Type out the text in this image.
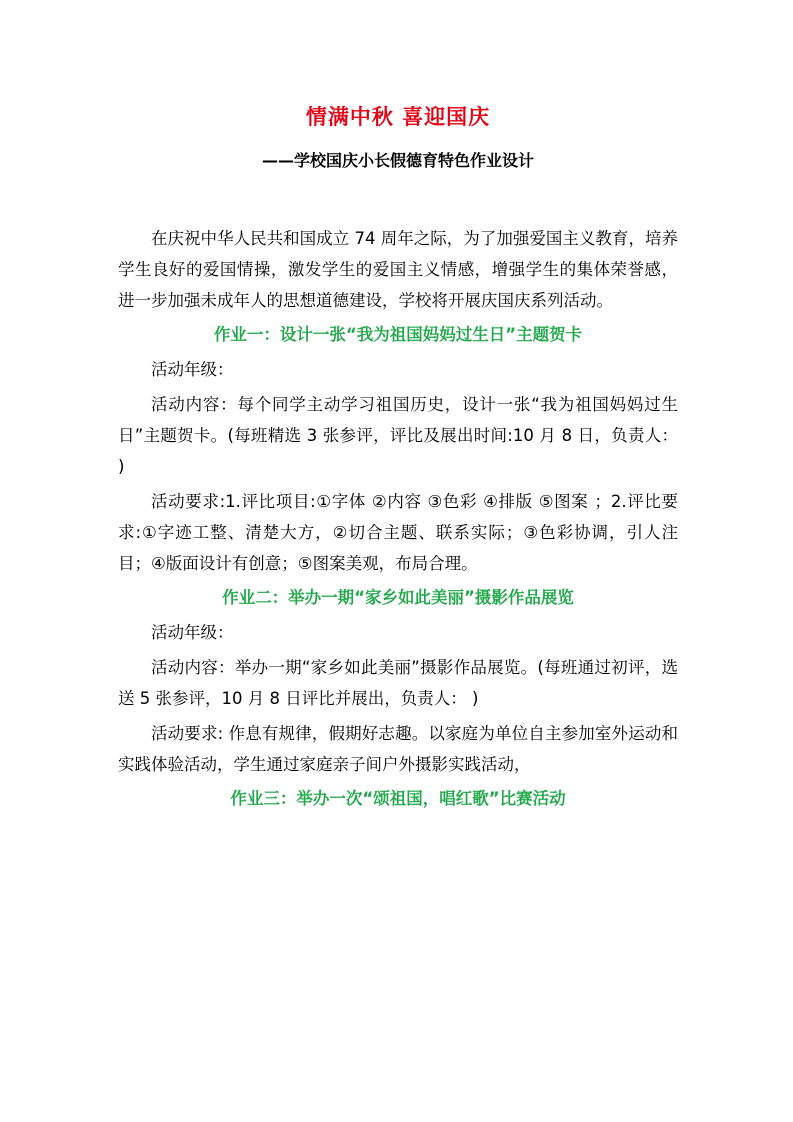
情满中秋 喜迎国庆
——学校国庆小长假德育特色作业设计

在庆祝中华人民共和国成立 74 周年之际，为了加强爱国主义教育，培养学生良好的爱国情操，激发学生的爱国主义情感，增强学生的集体荣誉感，进一步加强未成年人的思想道德建设，学校将开展庆国庆系列活动。

作业一：设计一张“我为祖国妈妈过生日”主题贺卡

活动年级：

活动内容：每个同学主动学习祖国历史，设计一张“我为祖国妈妈过生日”主题贺卡。(每班精选 3 张参评，评比及展出时间:10 月 8 日，负责人： )

活动要求:1.评比项目:①字体 ②内容 ③色彩 ④排版 ⑤图案 ；2.评比要求:①字迹工整、清楚大方，②切合主题、联系实际；③色彩协调，引人注目；④版面设计有创意；⑤图案美观，布局合理。

作业二：举办一期“家乡如此美丽”摄影作品展览

活动年级：

活动内容：举办一期“家乡如此美丽”摄影作品展览。(每班通过初评，选送 5 张参评，10 月 8 日评比并展出，负责人： )

活动要求: 作息有规律，假期好志趣。以家庭为单位自主参加室外运动和实践体验活动，学生通过家庭亲子间户外摄影实践活动，

作业三：举办一次“颂祖国，唱红歌”比赛活动
